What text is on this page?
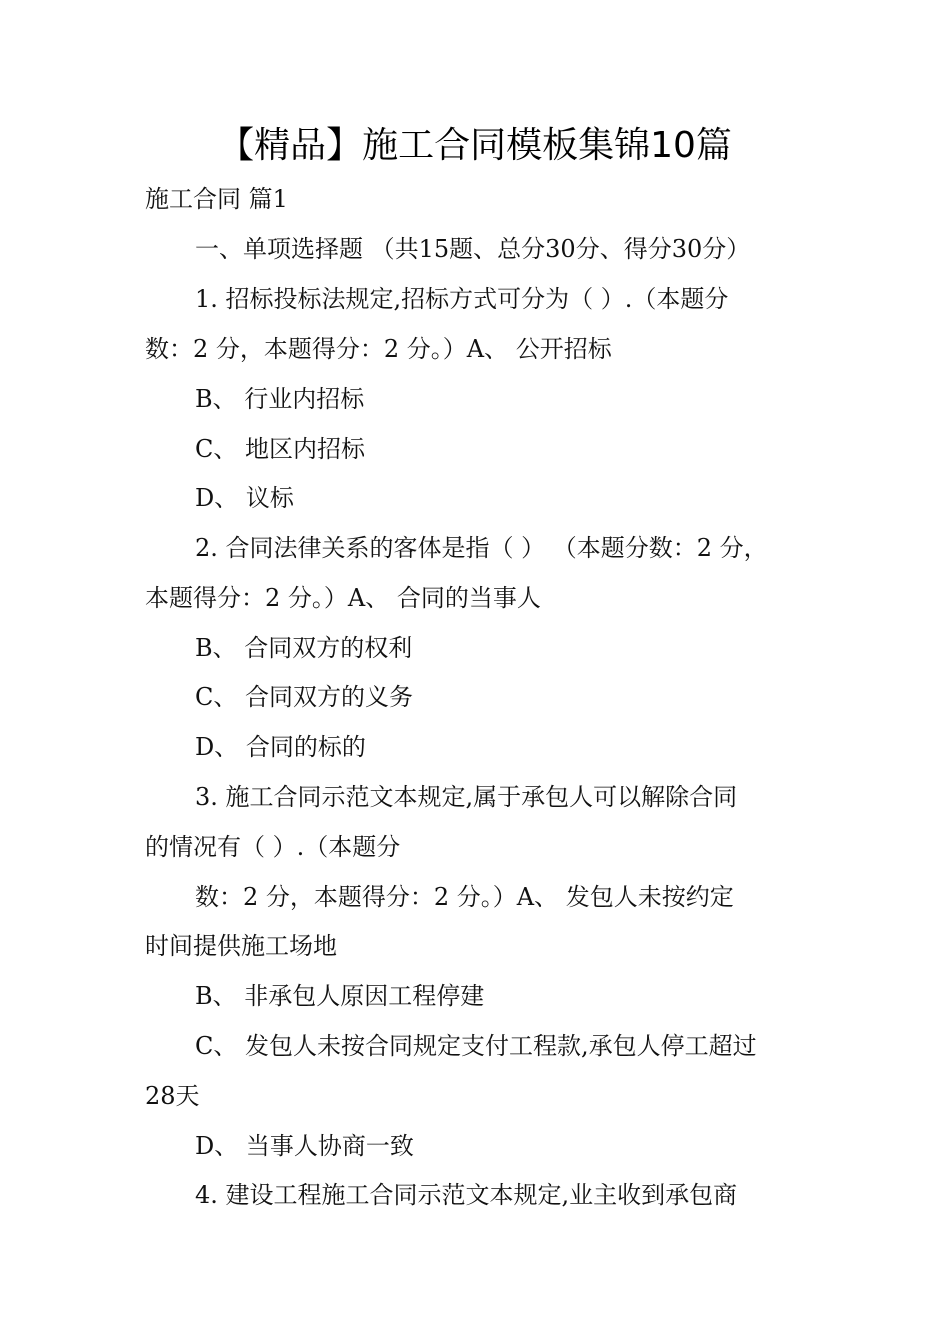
【精品】施工合同模板集锦10篇
施工合同 篇1
一、单项选择题 （共15题、总分30分、得分30分）
1. 招标投标法规定,招标方式可分为（ ）.（本题分
数：2 分，本题得分：2 分。）A、 公开招标
B、 行业内招标
C、 地区内招标
D、 议标
2. 合同法律关系的客体是指（ ） （本题分数：2 分，
本题得分：2 分。）A、 合同的当事人
B、 合同双方的权利
C、 合同双方的义务
D、 合同的标的
3. 施工合同示范文本规定,属于承包人可以解除合同
的情况有（ ）.（本题分
数：2 分，本题得分：2 分。）A、 发包人未按约定
时间提供施工场地
B、 非承包人原因工程停建
C、 发包人未按合同规定支付工程款,承包人停工超过
28天
D、 当事人协商一致
4. 建设工程施工合同示范文本规定,业主收到承包商
